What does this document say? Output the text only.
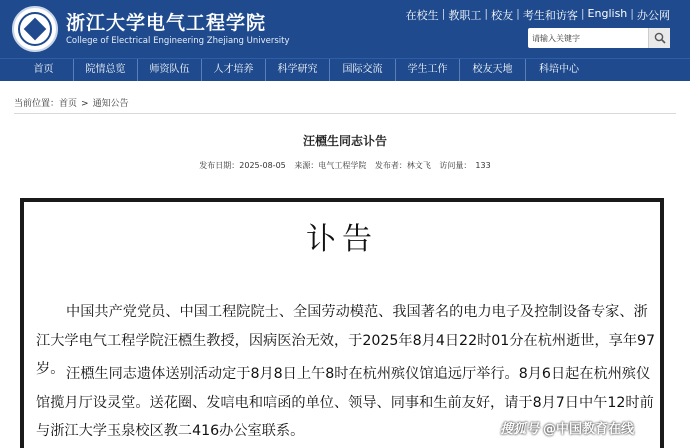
浙江大学电气工程学院
College of Electrical Engineering Zhejiang University
在校生 | 教职工 | 校友 | 考生和访客 | English | 办公网
请输入关键字
首页	院情总览	师资队伍	人才培养	科学研究	国际交流	学生工作	校友天地	科培中心
当前位置：首页 > 通知公告
汪槱生同志讣告
发布日期：2025-08-05 来源：电气工程学院 发布者：林文飞 访问量：　133
讣告
中国共产党党员、中国工程院院士、全国劳动模范、我国著名的电力电子及控制设备专家、浙江大学电气工程学院汪槱生教授，因病医治无效，于2025年8月4日22时01分在杭州逝世，享年97岁。 汪槱生同志遗体送别活动定于8月8日上午8时在杭州殡仪馆追远厅举行。8月6日起在杭州殡仪馆揽月厅设灵堂。送花圈、发唁电和唁函的单位、领导、同事和生前友好，请于8月7日中午12时前与浙江大学玉泉校区教二416办公室联系。	搜狐号 @中国教育在线
